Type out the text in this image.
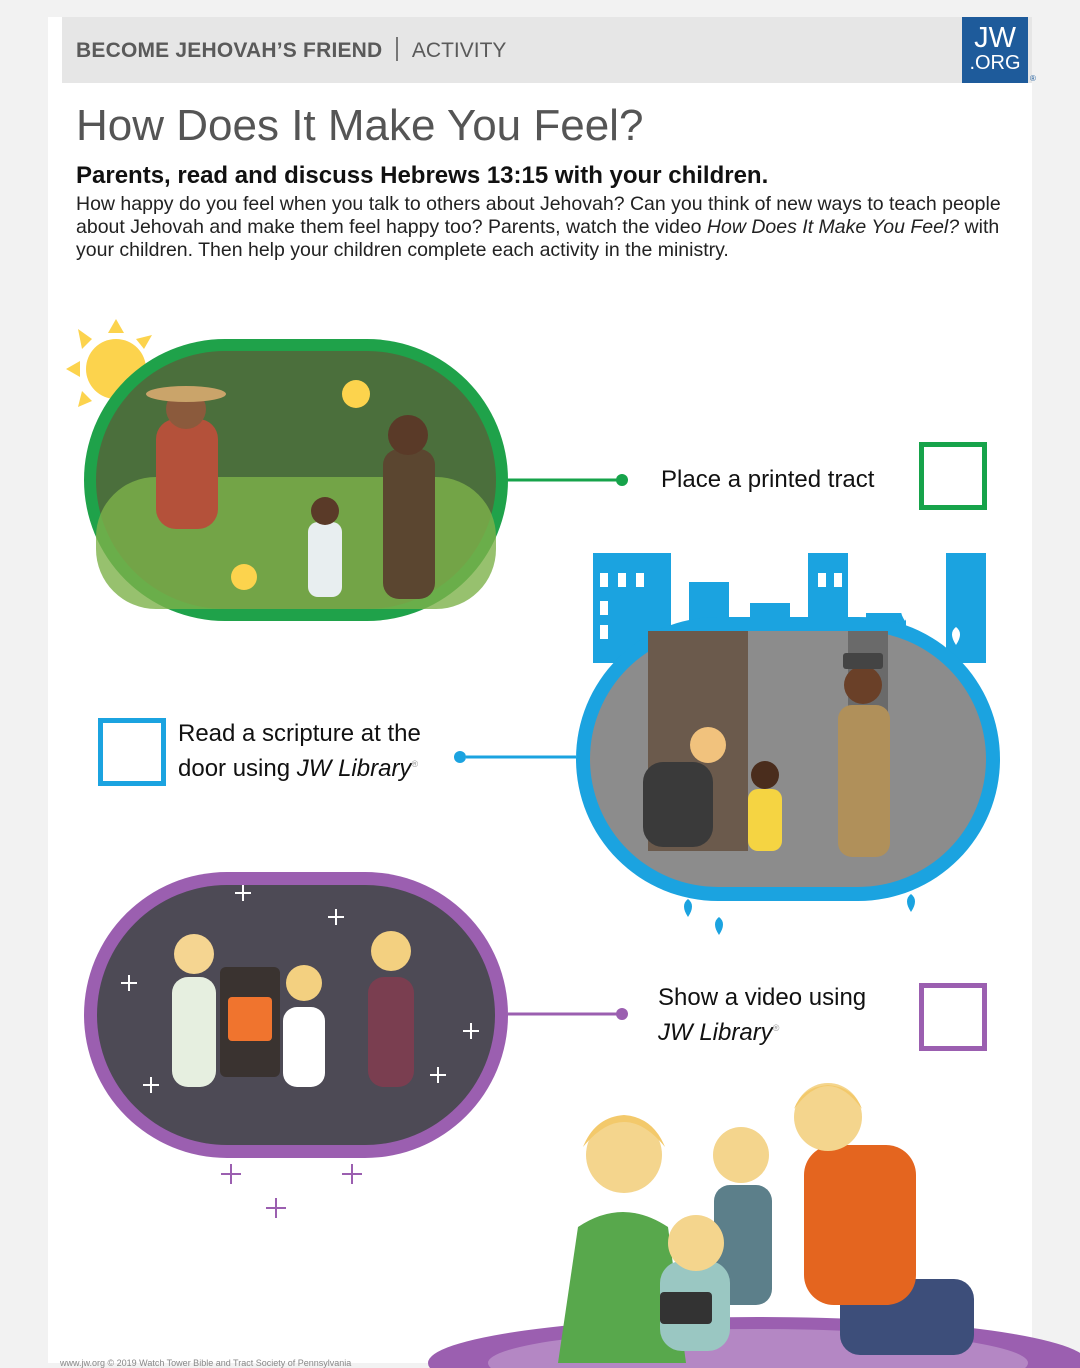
BECOME JEHOVAH’S FRIEND ACTIVITY	JW
.ORG
®
How Does It Make You Feel?
Parents, read and discuss Hebrews 13:15 with your children.

How happy do you feel when you talk to others about Jehovah? Can you think of new ways to teach people about Jehovah and make them feel happy too? Parents, watch the video How Does It Make You Feel? with your children. Then help your children complete each activity in the ministry.

Place a printed tract
Read a scripture at the
door using JW Library®
Show a video using
JW Library®
www.jw.org © 2019 Watch Tower Bible and Tract Society of Pennsylvania
